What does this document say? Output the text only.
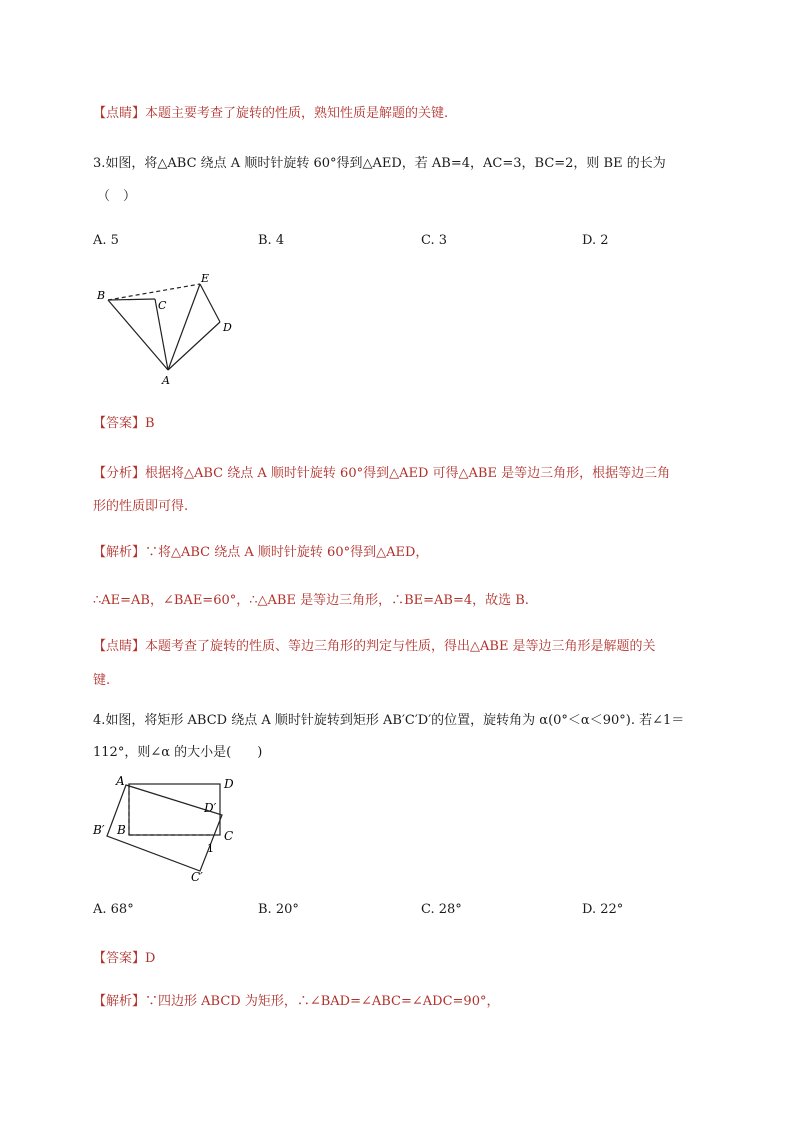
【点睛】本题主要考查了旋转的性质，熟知性质是解题的关键.
3.如图，将△ABC 绕点 A 顺时针旋转 60°得到△AED，若 AB=4，AC=3，BC=2，则 BE 的长为
（　）
A. 5	B. 4	C. 3	D. 2
B
C
E
D
A
【答案】B
【分析】根据将△ABC 绕点 A 顺时针旋转 60°得到△AED 可得△ABE 是等边三角形，根据等边三角
形的性质即可得.
【解析】∵将△ABC 绕点 A 顺时针旋转 60°得到△AED，
∴AE=AB，∠BAE=60°，∴△ABE 是等边三角形，∴BE=AB=4，故选 B.
【点睛】本题考查了旋转的性质、等边三角形的判定与性质，得出△ABE 是等边三角形是解题的关
键.
4.如图，将矩形 ABCD 绕点 A 顺时针旋转到矩形 AB′C′D′的位置，旋转角为 α(0°＜α＜90°). 若∠1＝
112°，则∠α 的大小是(　　)
A	D
D′
B′ B	C
1
C′
A. 68°	B. 20°	C. 28°	D. 22°
【答案】D
【解析】∵四边形 ABCD 为矩形，∴∠BAD=∠ABC=∠ADC=90°，
